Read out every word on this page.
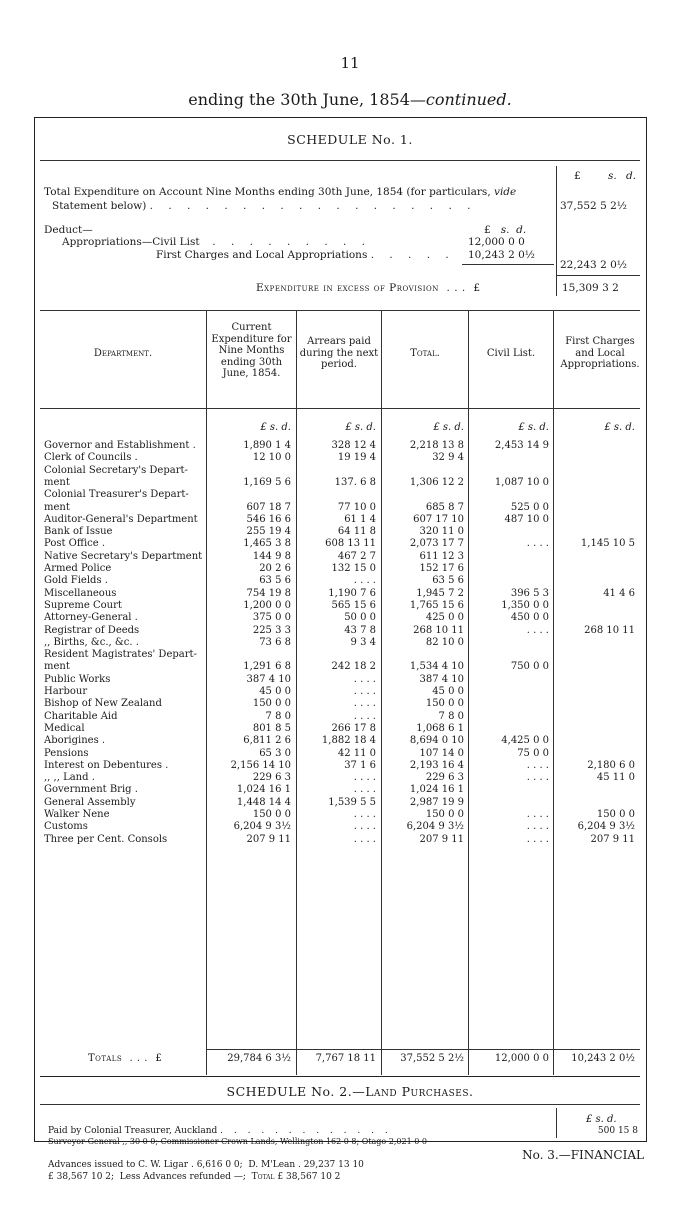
11
ending the 30th June, 1854—continued.
SCHEDULE No. 1.
£	s. d.
Total Expenditure on Account Nine Months ending 30th June, 1854 (for particulars, vide
Statement below) . . . . . . . . . . . . . . . . . .	37,552 5 2½
Deduct—	£   s. d.
Appropriations—Civil List  . . . . . . . . .	12,000 0 0
First Charges and Local Appropriations . . . . . 10,243 2 0½
22,243 2 0½
Expenditure in excess of Provision  . . .  £	15,309 3 2
Department.
Current Expenditure for Nine Months ending 30th June, 1854.
Arrears paid during the next period.
Total.	Civil List.
First Charges and Local Appropriations.
£ s. d.	£ s. d.	£ s. d.	£ s. d.	£ s. d.
Governor and Establishment .	1,890 1 4	328 12 4	2,218 13 8	2,453 14 9
Clerk of Councils .	12 10 0	19 19 4	32 9 4
Colonial Secretary's Depart-
ment	1,169 5 6	137. 6 8	1,306 12 2	1,087 10 0
Colonial Treasurer's Depart-
ment	607 18 7	77 10 0	685 8 7	525 0 0
Auditor-General's Department	546 16 6	61 1 4	607 17 10	487 10 0
Bank of Issue	255 19 4	64 11 8	320 11 0
Post Office .	1,465 3 8	608 13 11	2,073 17 7	. . . .	1,145 10 5
Native Secretary's Department	144 9 8	467 2 7	611 12 3
Armed Police	20 2 6	132 15 0	152 17 6
Gold Fields .	63 5 6	. . . .	63 5 6
Miscellaneous	754 19 8	1,190 7 6	1,945 7 2	396 5 3	41 4 6
Supreme Court	1,200 0 0	565 15 6	1,765 15 6	1,350 0 0
Attorney-General .	375 0 0	50 0 0	425 0 0	450 0 0
Registrar of Deeds	225 3 3	43 7 8	268 10 11	. . . .	268 10 11
,, Births, &c., &c. .	73 6 8	9 3 4	82 10 0
Resident Magistrates' Depart-
ment	1,291 6 8	242 18 2	1,534 4 10	750 0 0
Public Works	387 4 10	. . . .	387 4 10
Harbour	45 0 0	. . . .	45 0 0
Bishop of New Zealand	150 0 0	. . . .	150 0 0
Charitable Aid	7 8 0	. . . .	7 8 0
Medical	801 8 5	266 17 8	1,068 6 1
Aborigines .	6,811 2 6	1,882 18 4	8,694 0 10	4,425 0 0
Pensions	65 3 0	42 11 0	107 14 0	75 0 0
Interest on Debentures .	2,156 14 10	37 1 6	2,193 16 4	. . . .	2,180 6 0
,, ,, Land .	229 6 3	. . . .	229 6 3	. . . .	45 11 0
Government Brig .	1,024 16 1	. . . .	1,024 16 1
General Assembly	1,448 14 4	1,539 5 5	2,987 19 9
Walker Nene	150 0 0	. . . .	150 0 0	. . . .	150 0 0
Customs	6,204 9 3½	. . . .	6,204 9 3½	. . . .	6,204 9 3½
Three per Cent. Consols	207 9 11	. . . .	207 9 11	. . . .	207 9 11
Totals  . . .  £	29,784 6 3½	7,767 18 11	37,552 5 2½	12,000 0 0	10,243 2 0½
SCHEDULE No. 2.—Land Purchases.
£ s. d.
No. 3.—FINANCIAL
Paid by Colonial Treasurer, Auckland . . . . . . . . . . . . .	500 15 8
Surveyor-General ,, 30 0 0; Commissioner Crown Lands, Wellington 162 0 8; Otago 2,021 0 0
Advances issued to C. W. Ligar . 6,616 0 0;  D. M'Lean . 29,237 13 10
£ 38,567 10 2;  Less Advances refunded —;  Total £ 38,567 10 2
